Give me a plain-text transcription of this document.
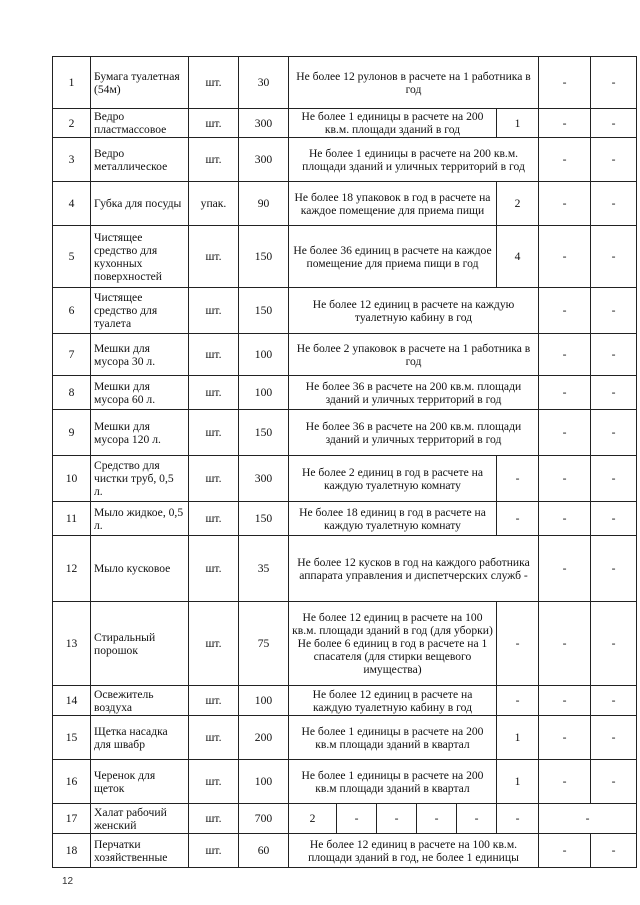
1	Бумага туалетная (54м)	шт.	30	Не более 12 рулонов в расчете на 1 работника в год						-	-
2	Ведро пластмассовое	шт.	300	Не более 1 единицы в расчете на 200 кв.м. площади зданий в год					1	-	-
3	Ведро металлическое	шт.	300	Не более 1 единицы в расчете на 200 кв.м. площади зданий и уличных территорий в год						-	-
4	Губка для посуды	упак.	90	Не более 18 упаковок в год в расчете на каждое помещение для приема пищи					2	-	-
5	Чистящее средство для кухонных поверхностей	шт.	150	Не более 36 единиц в расчете на каждое помещение для приема пищи в год					4	-	-
6	Чистящее средство для туалета	шт.	150	Не более 12 единиц в расчете на каждую туалетную кабину в год						-	-
7	Мешки для мусора 30 л.	шт.	100	Не более 2 упаковок в расчете на 1 работника в год						-	-
8	Мешки для мусора 60 л.	шт.	100	Не более 36 в расчете на 200 кв.м. площади зданий и уличных территорий в год						-	-
9	Мешки для мусора 120 л.	шт.	150	Не более 36 в расчете на 200 кв.м. площади зданий и уличных территорий в год						-	-
10	Средство для чистки труб, 0,5 л.	шт.	300	Не более 2 единиц в год в расчете на каждую туалетную комнату					-	-	-
11	Мыло жидкое, 0,5 л.	шт.	150	Не более 18 единиц в год в расчете на каждую туалетную комнату					-	-	-
12	Мыло кусковое	шт.	35	Не более 12 кусков в год на каждого работника аппарата управления и диспетчерских служб -						-	-
13	Стиральный порошок	шт.	75	Не более 12 единиц в расчете на 100 кв.м. площади зданий в год (для уборки) Не более 6 единиц в год в расчете на 1 спасателя (для стирки вещевого имущества)					-	-	-
14	Освежитель воздуха	шт.	100	Не более 12 единиц в расчете на каждую туалетную кабину в год					-	-	-
15	Щетка насадка для швабр	шт.	200	Не более 1 единицы в расчете на 200 кв.м площади зданий в квартал					1	-	-
16	Черенок для щеток	шт.	100	Не более 1 единицы в расчете на 200 кв.м площади зданий в квартал					1	-	-
17	Халат рабочий женский	шт.	700	2	-	-	-	-	-	-	
18	Перчатки хозяйственные	шт.	60	Не более 12 единиц в расчете на 100 кв.м. площади зданий в год, не более 1 единицы						-	-
12
